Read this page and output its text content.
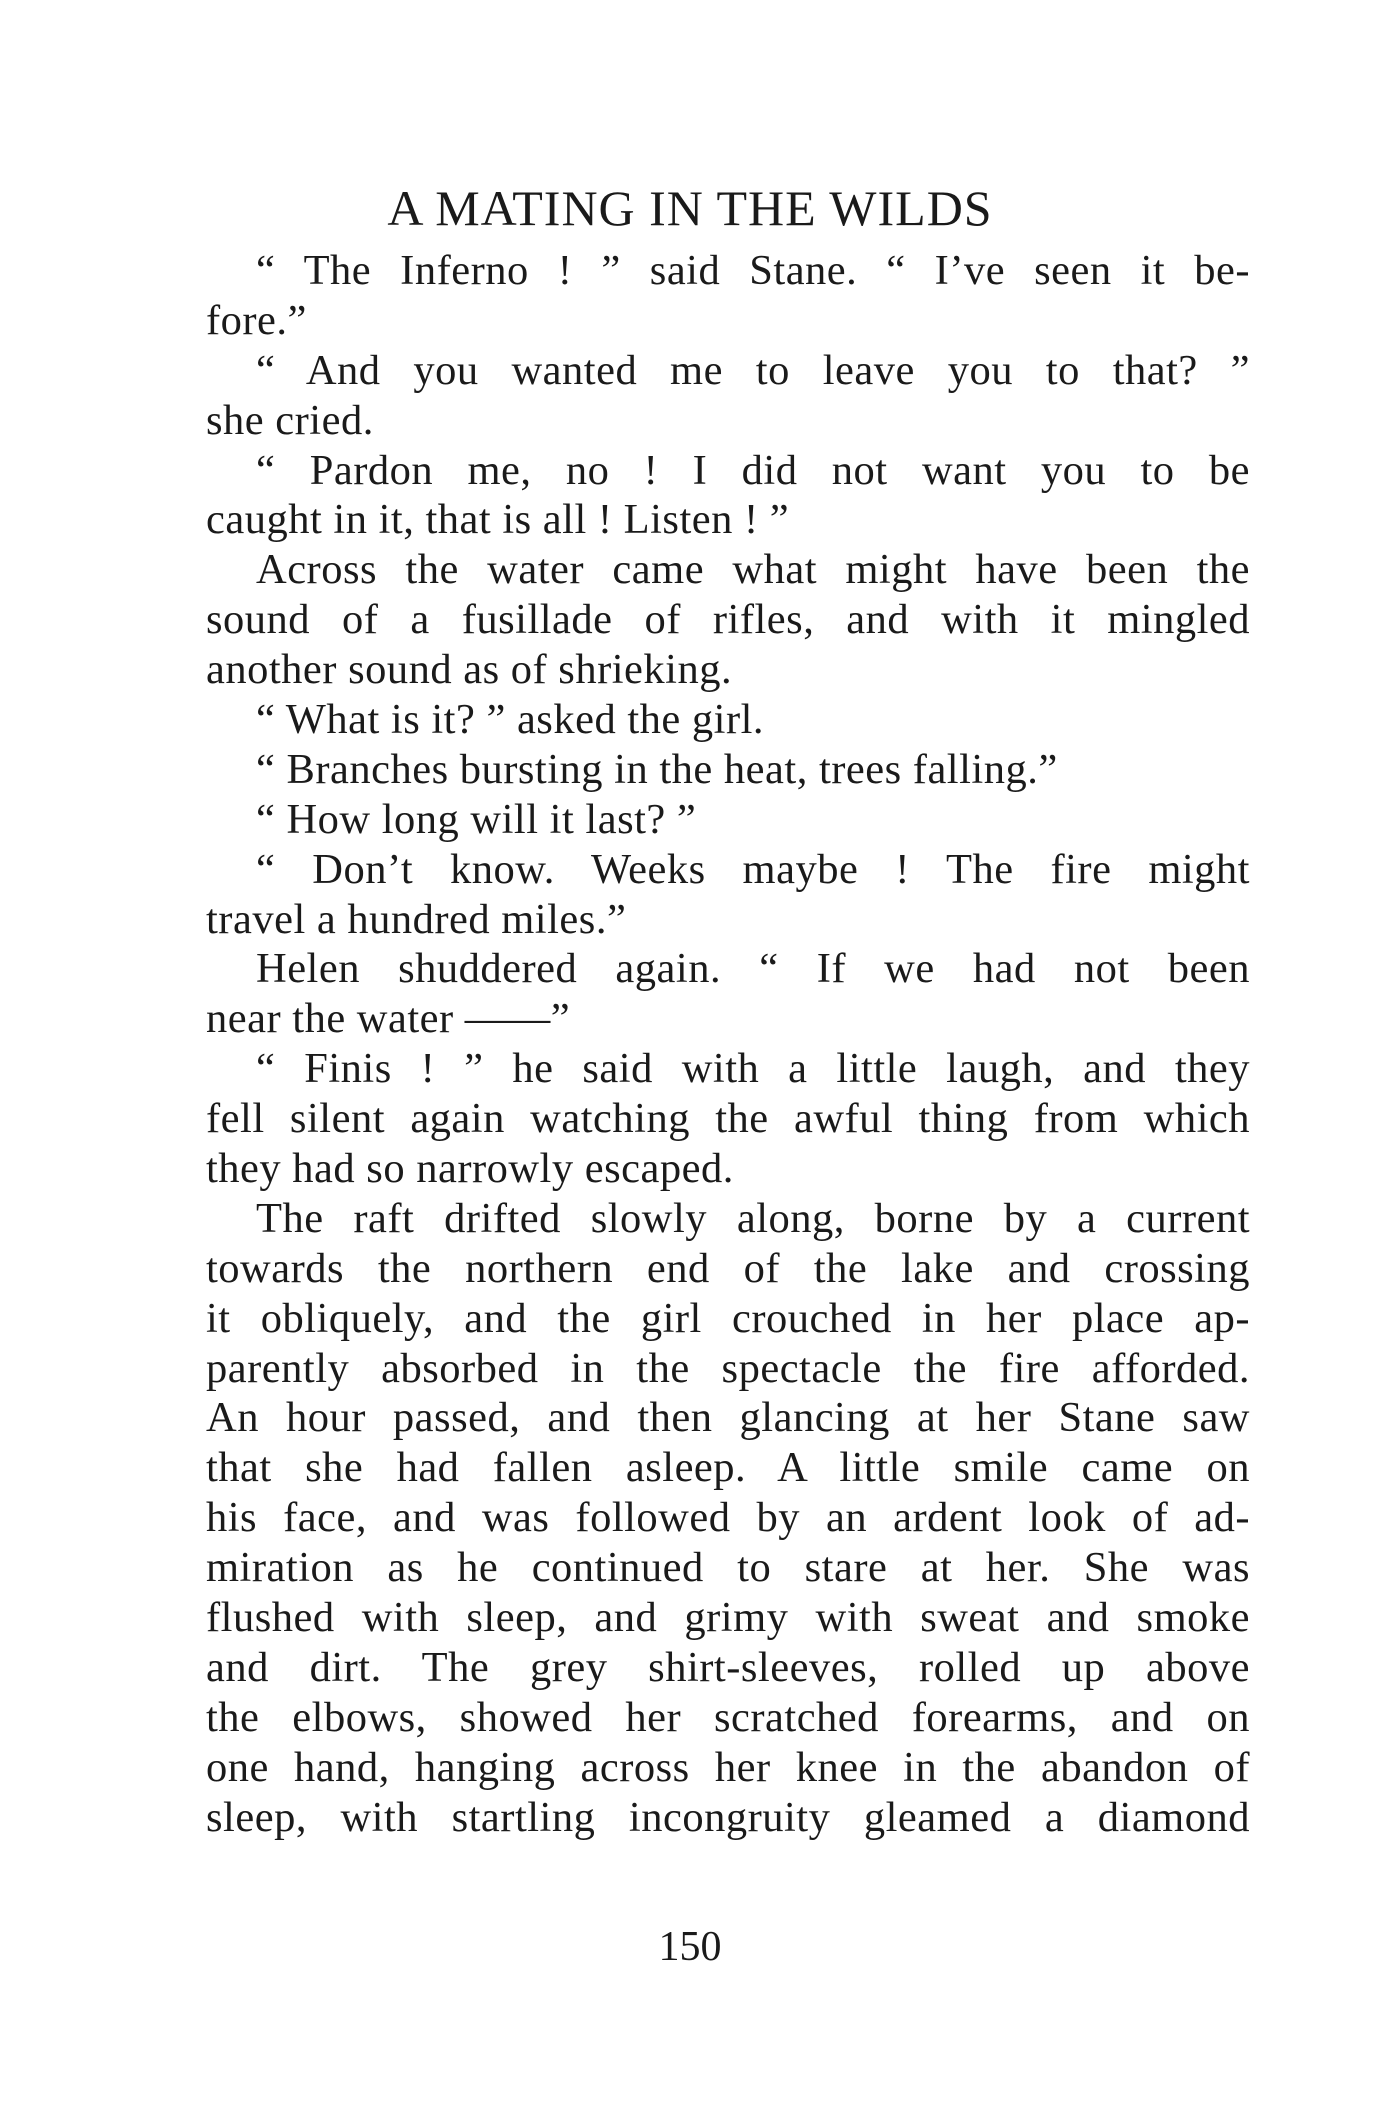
A MATING IN THE WILDS
“ The Inferno ! ” said Stane. “ I’ve seen it be-
fore.”
“ And you wanted me to leave you to that? ”
she cried.
“ Pardon me, no ! I did not want you to be
caught in it, that is all ! Listen ! ”
Across the water came what might have been the
sound of a fusillade of rifles, and with it mingled
another sound as of shrieking.
“ What is it? ” asked the girl.
“ Branches bursting in the heat, trees falling.”
“ How long will it last? ”
“ Don’t know. Weeks maybe ! The fire might
travel a hundred miles.”
Helen shuddered again. “ If we had not been
near the water ——”
“ Finis ! ” he said with a little laugh, and they
fell silent again watching the awful thing from which
they had so narrowly escaped.
The raft drifted slowly along, borne by a current
towards the northern end of the lake and crossing
it obliquely, and the girl crouched in her place ap-
parently absorbed in the spectacle the fire afforded.
An hour passed, and then glancing at her Stane saw
that she had fallen asleep. A little smile came on
his face, and was followed by an ardent look of ad-
miration as he continued to stare at her. She was
flushed with sleep, and grimy with sweat and smoke
and dirt. The grey shirt-sleeves, rolled up above
the elbows, showed her scratched forearms, and on
one hand, hanging across her knee in the abandon of
sleep, with startling incongruity gleamed a diamond
150
